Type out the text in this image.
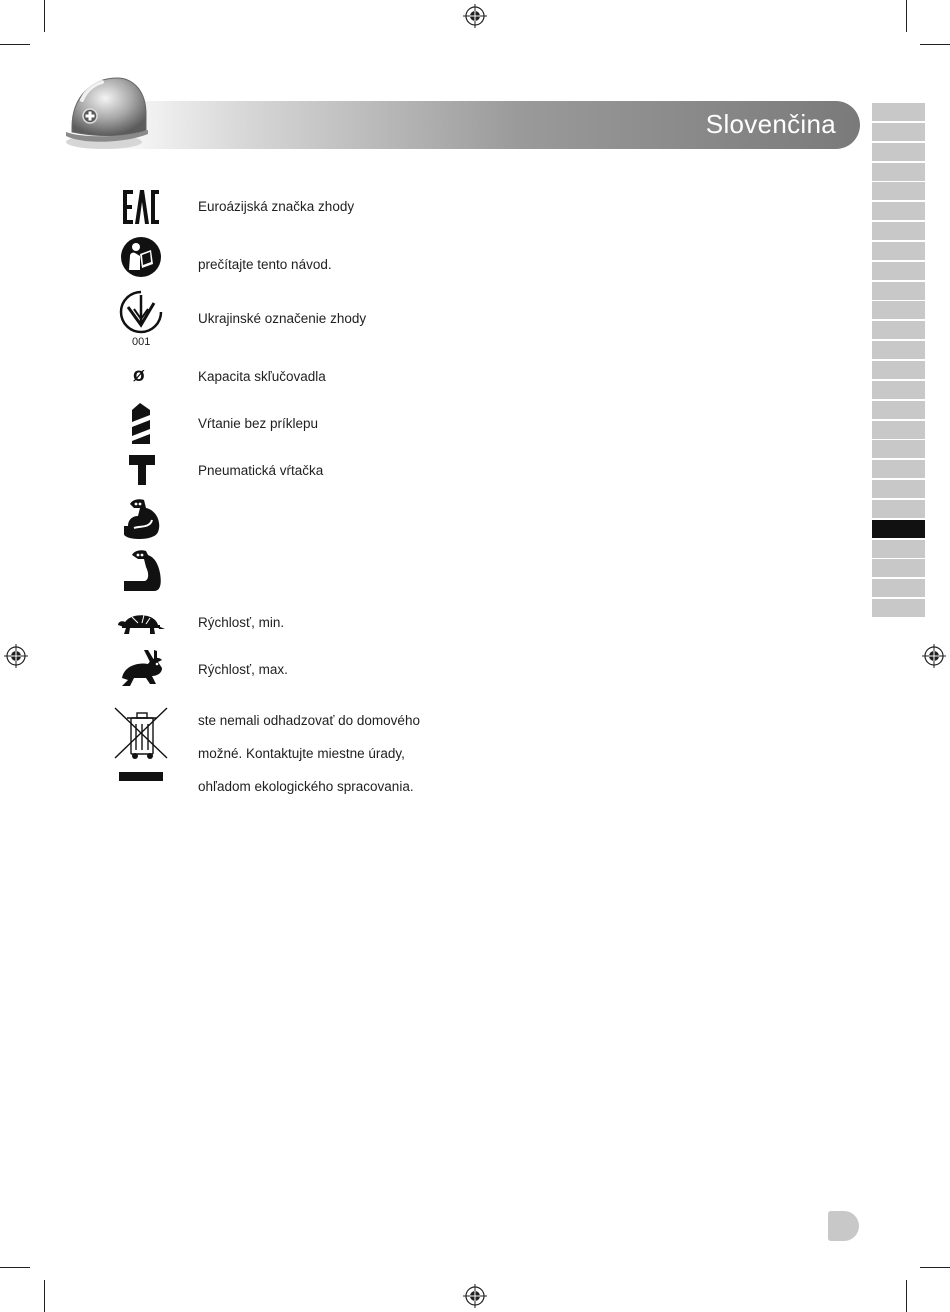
Slovenčina
Euroázijská značka zhody
prečítajte tento návod.
001
Ukrajinské označenie zhody
ø	Kapacita skľučovadla
Vŕtanie bez príklepu
Pneumatická vŕtačka
Rýchlosť, min.
Rýchlosť, max.
ste nemali odhadzovať do domového
možné. Kontaktujte miestne úrady,
ohľadom ekologického spracovania.
